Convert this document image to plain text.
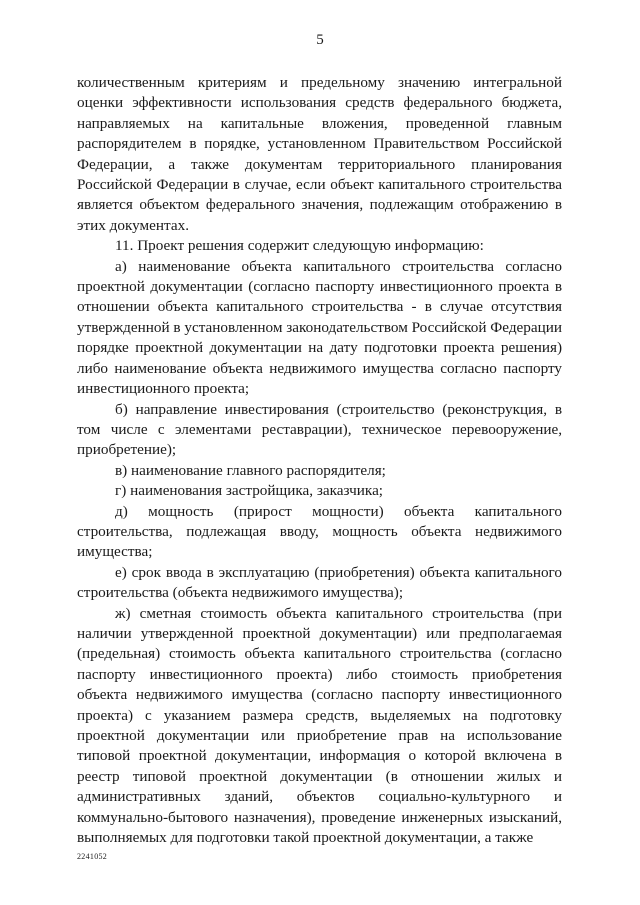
5

количественным критериям и предельному значению интегральной оценки эффективности использования средств федерального бюджета, направляемых на капитальные вложения, проведенной главным распорядителем в порядке, установленном Правительством Российской Федерации, а также документам территориального планирования Российской Федерации в случае, если объект капитального строительства является объектом федерального значения, подлежащим отображению в этих документах.

11. Проект решения содержит следующую информацию:

а) наименование объекта капитального строительства согласно проектной документации (согласно паспорту инвестиционного проекта в отношении объекта капитального строительства - в случае отсутствия утвержденной в установленном законодательством Российской Федерации порядке проектной документации на дату подготовки проекта решения) либо наименование объекта недвижимого имущества согласно паспорту инвестиционного проекта;

б) направление инвестирования (строительство (реконструкция, в том числе с элементами реставрации), техническое перевооружение, приобретение);

в) наименование главного распорядителя;

г) наименования застройщика, заказчика;

д) мощность (прирост мощности) объекта капитального строительства, подлежащая вводу, мощность объекта недвижимого имущества;

е) срок ввода в эксплуатацию (приобретения) объекта капитального строительства (объекта недвижимого имущества);

ж) сметная стоимость объекта капитального строительства (при наличии утвержденной проектной документации) или предполагаемая (предельная) стоимость объекта капитального строительства (согласно паспорту инвестиционного проекта) либо стоимость приобретения объекта недвижимого имущества (согласно паспорту инвестиционного проекта) с указанием размера средств, выделяемых на подготовку проектной документации или приобретение прав на использование типовой проектной документации, информация о которой включена в реестр типовой проектной документации (в отношении жилых и административных зданий, объектов социально-культурного и коммунально-бытового назначения), проведение инженерных изысканий, выполняемых для подготовки такой проектной документации, а также

2241052
